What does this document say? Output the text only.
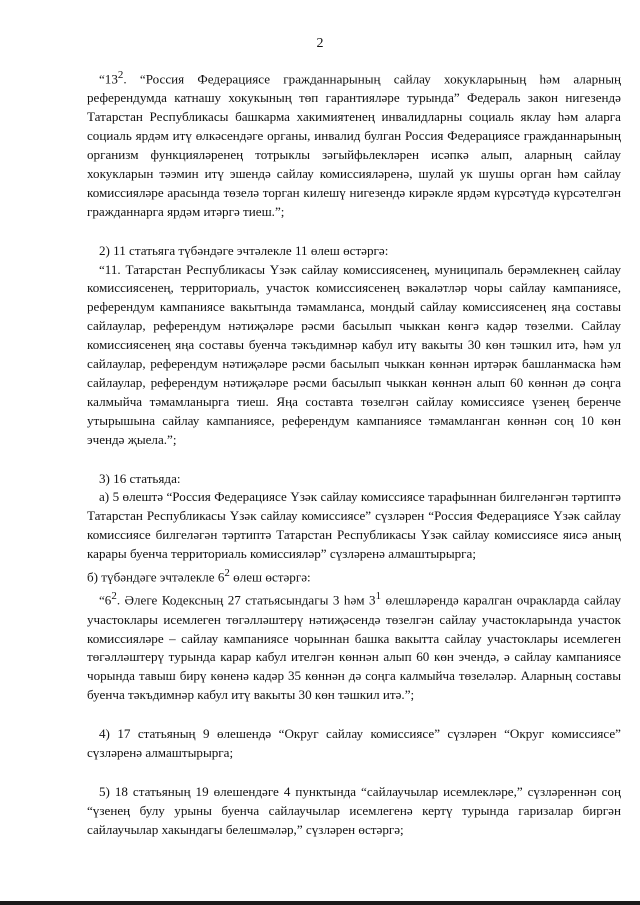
2

“$13^2$. “Россия Федерациясе гражданнарының сайлау хокукларының һәм аларның референдумда катнашу хокукының төп гарантияләре турында” Федераль закон нигезендә Татарстан Республикасы башкарма хакимиятенең инвалидларны социаль яклау һәм аларга социаль ярдәм итү өлкәсендәге органы, инвалид булган Россия Федерациясе гражданнарының организм функцияләренең тотрыклы зәгыйфьлекләрен исәпкә алып, аларның сайлау хокукларын тәэмин итү эшендә сайлау комиссияләренә, шулай ук шушы орган һәм сайлау комиссияләре арасында төзелә торган килешү нигезендә кирәкле ярдәм күрсәтүдә күрсәтелгән гражданнарга ярдәм итәргә тиеш.”;

2) 11 статьяга түбәндәге эчтәлекле 11 өлеш өстәргә:

“11. Татарстан Республикасы Үзәк сайлау комиссиясенең, муниципаль берәмлекнең сайлау комиссиясенең, территориаль, участок комиссиясенең вәкаләтләр чоры сайлау кампаниясе, референдум кампаниясе вакытында тәмамланса, мондый сайлау комиссиясенең яңа составы сайлаулар, референдум нәтиҗәләре рәсми басылып чыккан көнгә кадәр төзелми. Сайлау комиссиясенең яңа составы буенча тәкъдимнәр кабул итү вакыты 30 көн тәшкил итә, һәм ул сайлаулар, референдум нәтиҗәләре рәсми басылып чыккан көннән иртәрәк башланмаска һәм сайлаулар, референдум нәтиҗәләре рәсми басылып чыккан көннән алып 60 көннән дә соңга калмыйча тәмамланырга тиеш. Яңа составта төзелгән сайлау комиссиясе үзенең беренче утырышына сайлау кампаниясе, референдум кампаниясе тәмамланган көннән соң 10 көн эчендә җыела.”;

3) 16 статьяда:

а) 5 өлештә “Россия Федерациясе Үзәк сайлау комиссиясе тарафыннан билгеләнгән тәртиптә Татарстан Республикасы Үзәк сайлау комиссиясе” сүзләрен “Россия Федерациясе Үзәк сайлау комиссиясе билгеләгән тәртиптә Татарстан Республикасы Үзәк сайлау комиссиясе яисә аның карары буенча территориаль комиссияләр” сүзләренә алмаштырырга;

б) түбәндәге эчтәлекле $6^2$ өлеш өстәргә:

“$6^2$. Әлеге Кодексның 27 статьясындагы 3 һәм $3^1$ өлешләрендә каралган очракларда сайлау участоклары исемлеген төгәлләштерү нәтиҗәсендә төзелгән сайлау участокларында участок комиссияләре – сайлау кампаниясе чорыннан башка вакытта сайлау участоклары исемлеген төгәлләштерү турында карар кабул ителгән көннән алып 60 көн эчендә, ә сайлау кампаниясе чорында тавыш бирү көненә кадәр 35 көннән дә соңга калмыйча төзеләләр. Аларның составы буенча тәкъдимнәр кабул итү вакыты 30 көн тәшкил итә.”;

4) 17 статьяның 9 өлешендә “Округ сайлау комиссиясе” сүзләрен “Округ комиссиясе” сүзләренә алмаштырырга;

5) 18 статьяның 19 өлешендәге 4 пунктында “сайлаучылар исемлекләре,” сүзләреннән соң “үзенең булу урыны буенча сайлаучылар исемлегенә кертү турында гаризалар биргән сайлаучылар хакындагы белешмәләр,” сүзләрен өстәргә;
